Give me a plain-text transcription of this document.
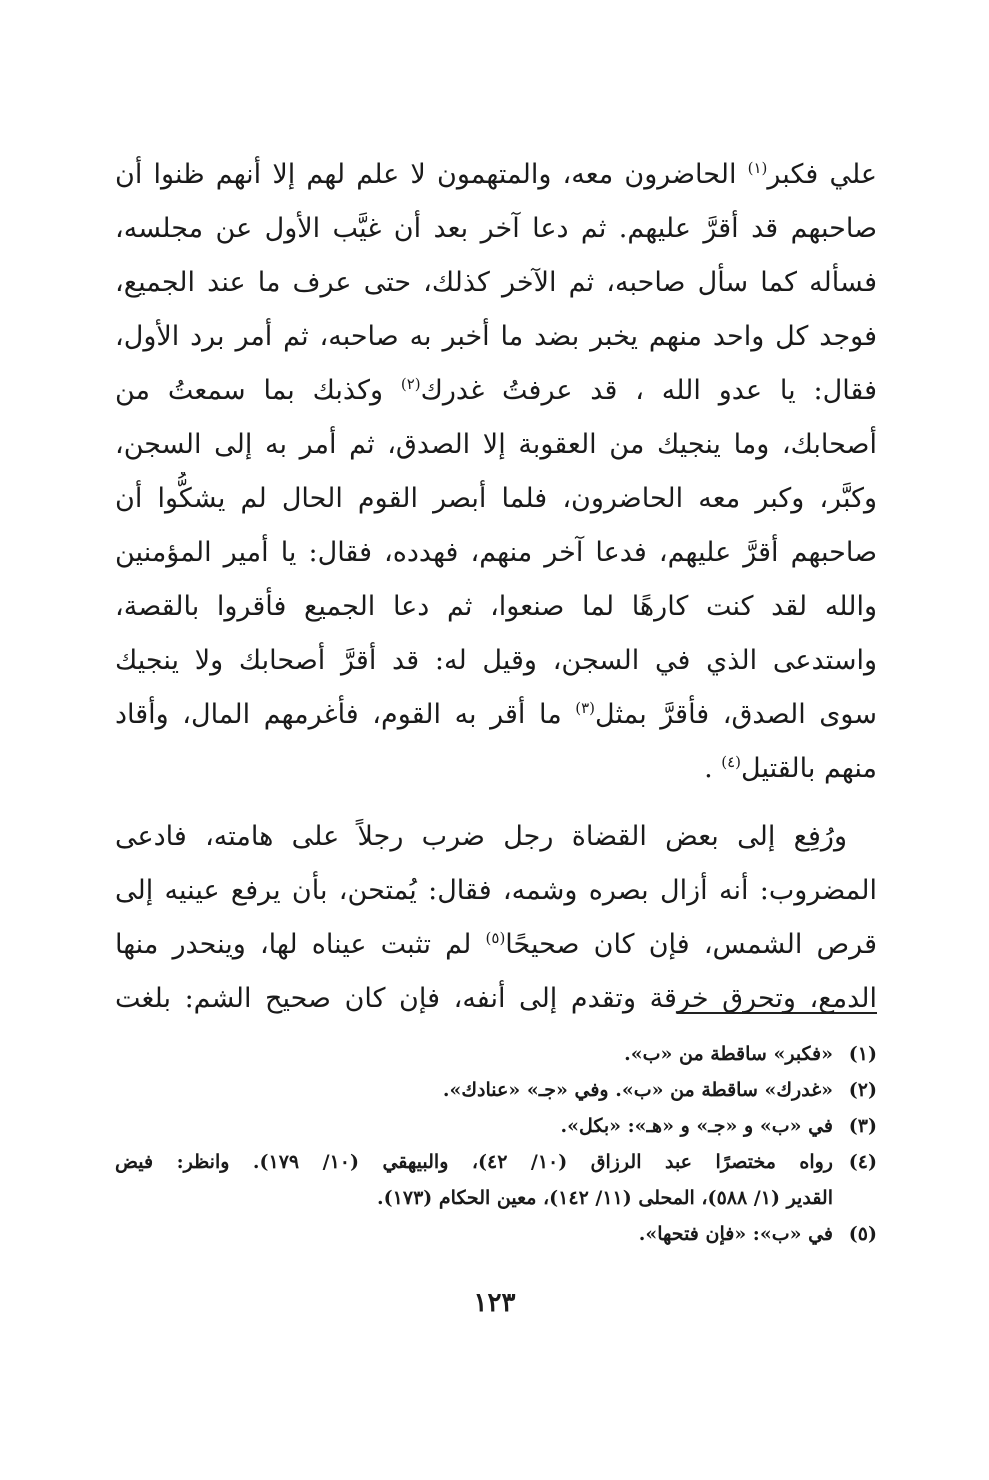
علي فكبر$^{(١)}$ الحاضرون معه، والمتهمون لا علم لهم إلا أنهم ظنوا أن
صاحبهم قد أقرَّ عليهم. ثم دعا آخر بعد أن غيَّب الأول عن مجلسه،
فسأله كما سأل صاحبه، ثم الآخر كذلك، حتى عرف ما عند الجميع،
فوجد كل واحد منهم يخبر بضد ما أخبر به صاحبه، ثم أمر برد الأول،
فقال: يا عدو الله ، قد عرفتُ غدرك$^{(٢)}$ وكذبك بما سمعتُ من
أصحابك، وما ينجيك من العقوبة إلا الصدق، ثم أمر به إلى السجن،
وكبَّر، وكبر معه الحاضرون، فلما أبصر القوم الحال لم يشكُّوا أن
صاحبهم أقرَّ عليهم، فدعا آخر منهم، فهدده، فقال: يا أمير المؤمنين
والله لقد كنت كارهًا لما صنعوا، ثم دعا الجميع فأقروا بالقصة،
واستدعى الذي في السجن، وقيل له: قد أقرَّ أصحابك ولا ينجيك
سوى الصدق، فأقرَّ بمثل$^{(٣)}$ ما أقر به القوم، فأغرمهم المال، وأقاد
منهم بالقتيل$^{(٤)}$ .

ورُفِع إلى بعض القضاة رجل ضرب رجلاً على هامته، فادعى
المضروب: أنه أزال بصره وشمه، فقال: يُمتحن، بأن يرفع عينيه إلى
قرص الشمس، فإن كان صحيحًا$^{(٥)}$ لم تثبت عيناه لها، وينحدر منها
الدمع، وتحرق خرقة وتقدم إلى أنفه، فإن كان صحيح الشم: بلغت

(١)
«فكبر» ساقطة من «ب».
(٢)
«غدرك» ساقطة من «ب». وفي «جـ» «عنادك».
(٣)
في «ب» و «جـ» و «هـ»: «بكل».
(٤)
رواه مختصرًا عبد الرزاق (١٠/ ٤٢)، والبيهقي (١٠/ ١٧٩). وانظر: فيض
القدير (١/ ٥٨٨)، المحلى (١١/ ١٤٢)، معين الحكام (١٧٣).
(٥)
في «ب»: «فإن فتحها».
١٢٣
